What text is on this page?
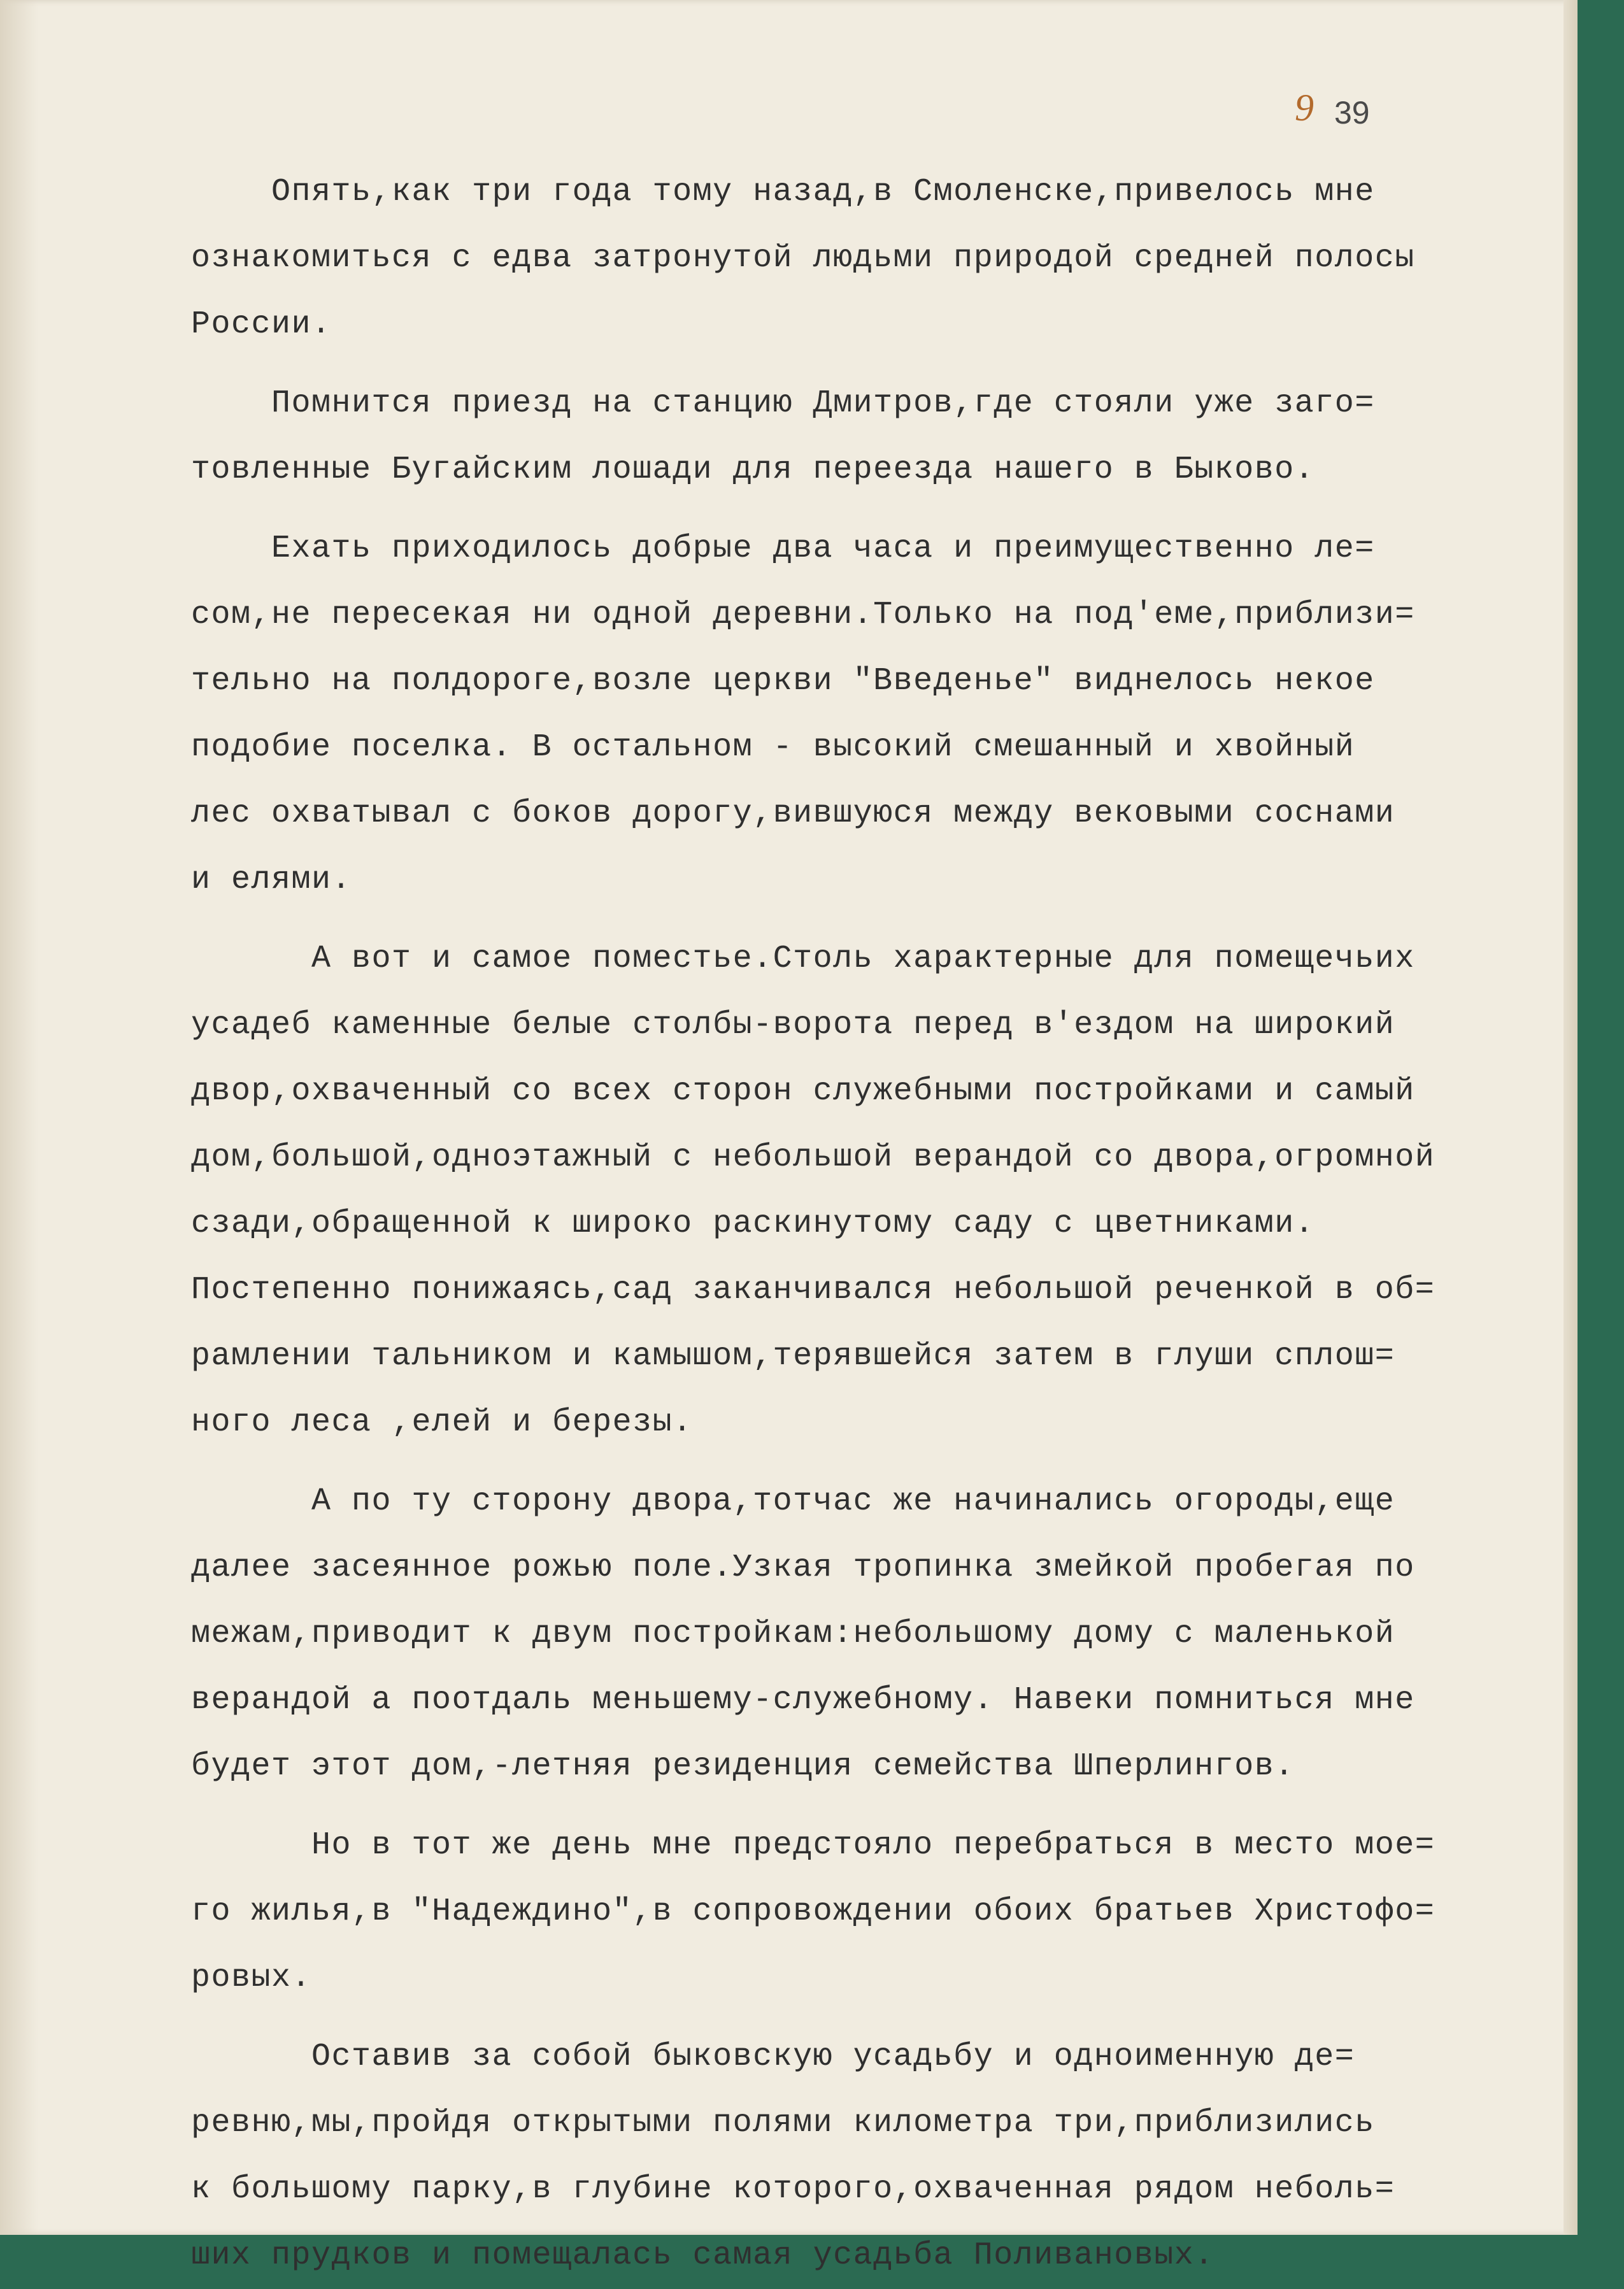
9 39
Опять,как три года тому назад,в Смоленске,привелось мне
ознакомиться с едва затронутой людьми природой средней полосы
России.
Помнится приезд на станцию Дмитров,где стояли уже заго=
товленные Бугайским лошади для переезда нашего в Быково.
Ехать приходилось добрые два часа и преимущественно ле=
сом,не пересекая ни одной деревни.Только на под'еме,приблизи=
тельно на полдороге,возле церкви "Введенье" виднелось некое
подобие поселка. В остальном - высокий смешанный и хвойный
лес охватывал с боков дорогу,вившуюся между вековыми соснами
и елями.
А вот и самое поместье.Столь характерные для помещечьих
усадеб каменные белые столбы-ворота перед в'ездом на широкий
двор,охваченный со всех сторон служебными постройками и самый
дом,большой,одноэтажный с небольшой верандой со двора,огромной
сзади,обращенной к широко раскинутому саду с цветниками.
Постепенно понижаясь,сад заканчивался небольшой реченкой в об=
рамлении тальником и камышом,терявшейся затем в глуши сплош=
ного леса ,елей и березы.
А по ту сторону двора,тотчас же начинались огороды,еще
далее засеянное рожью поле.Узкая тропинка змейкой пробегая по
межам,приводит к двум постройкам:небольшому дому с маленькой
верандой а поотдаль меньшему-служебному. Навеки помниться мне
будет этот дом,-летняя резиденция семейства Шперлингов.
Но в тот же день мне предстояло перебраться в место мое=
го жилья,в "Надеждино",в сопровождении обоих братьев Христофо=
ровых.
Оставив за собой быковскую усадьбу и одноименную де=
ревню,мы,пройдя открытыми полями километра три,приблизились
к большому парку,в глубине которого,охваченная рядом неболь=
ших прудков и помещалась самая усадьба Поливановых.
